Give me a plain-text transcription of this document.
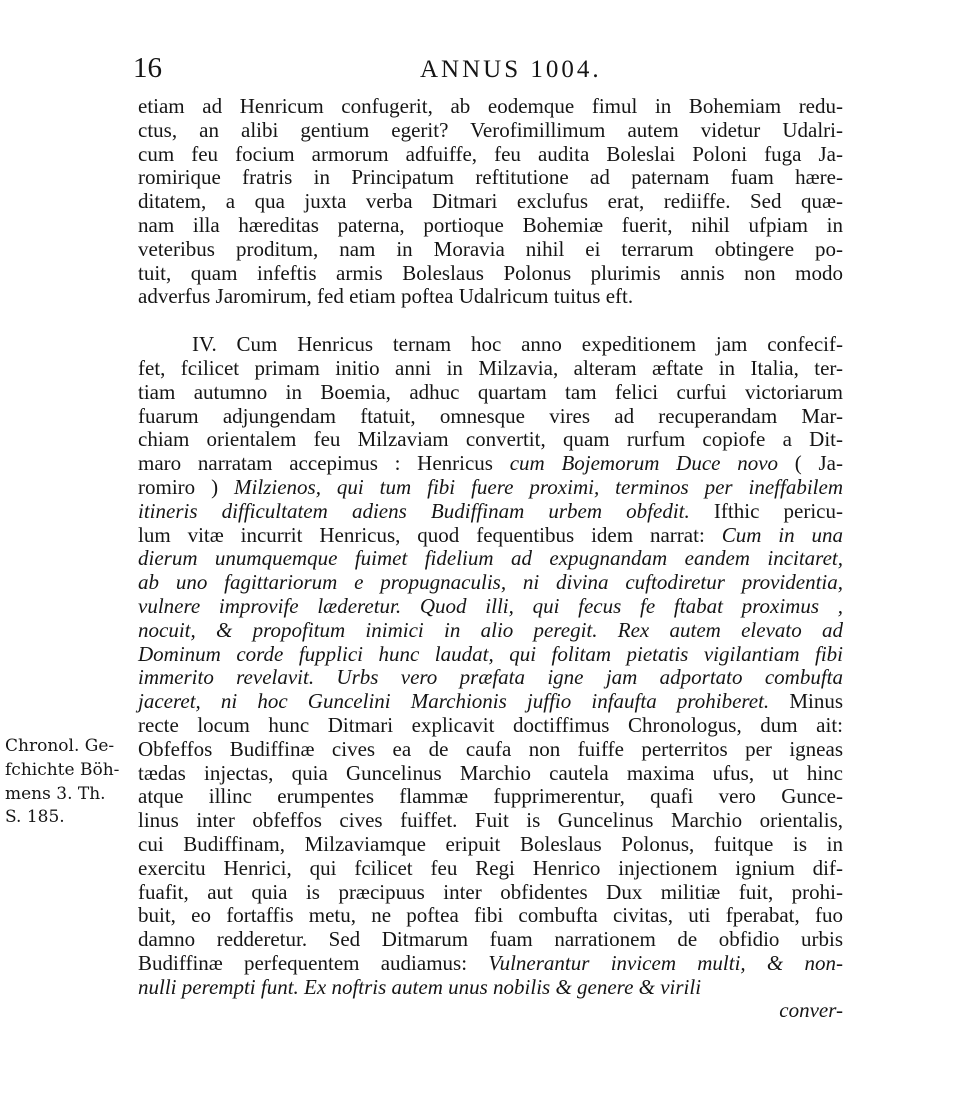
16	ANNUS 1004.
etiam ad Henricum confugerit, ab eodemque fimul in Bohemiam redu-
ctus, an alibi gentium egerit? Verofimillimum autem videtur Udalri-
cum feu focium armorum adfuiffe, feu audita Boleslai Poloni fuga Ja-
romirique fratris in Principatum reftitutione ad paternam fuam hære-
ditatem, a qua juxta verba Ditmari exclufus erat, rediiffe. Sed quæ-
nam illa hæreditas paterna, portioque Bohemiæ fuerit, nihil ufpiam in
veteribus proditum, nam in Moravia nihil ei terrarum obtingere po-
tuit, quam infeftis armis Boleslaus Polonus plurimis annis non modo
adverfus Jaromirum, fed etiam poftea Udalricum tuitus eft.
IV. Cum Henricus ternam hoc anno expeditionem jam confecif-
fet, fcilicet primam initio anni in Milzavia, alteram æftate in Italia, ter-
tiam autumno in Boemia, adhuc quartam tam felici curfui victoriarum
fuarum adjungendam ftatuit, omnesque vires ad recuperandam Mar-
chiam orientalem feu Milzaviam convertit, quam rurfum copiofe a Dit-
maro narratam accepimus : Henricus cum Bojemorum Duce novo ( Ja-
romiro ) Milzienos, qui tum fibi fuere proximi, terminos per ineffabilem
itineris difficultatem adiens Budiffinam urbem obfedit. Ifthic pericu-
lum vitæ incurrit Henricus, quod fequentibus idem narrat: Cum in una
dierum unumquemque fuimet fidelium ad expugnandam eandem incitaret,
ab uno fagittariorum e propugnaculis, ni divina cuftodiretur providentia,
vulnere improvife læderetur. Quod illi, qui fecus fe ftabat proximus ,
nocuit, & propofitum inimici in alio peregit. Rex autem elevato ad
Dominum corde fupplici hunc laudat, qui folitam pietatis vigilantiam fibi
immerito revelavit. Urbs vero præfata igne jam adportato combufta
jaceret, ni hoc Guncelini Marchionis juffio infaufta prohiberet. Minus
recte locum hunc Ditmari explicavit doctiffimus Chronologus, dum ait:
Obfeffos Budiffinæ cives ea de caufa non fuiffe perterritos per igneas
tædas injectas, quia Guncelinus Marchio cautela maxima ufus, ut hinc
atque illinc erumpentes flammæ fupprimerentur, quafi vero Gunce-
linus inter obfeffos cives fuiffet. Fuit is Guncelinus Marchio orientalis,
cui Budiffinam, Milzaviamque eripuit Boleslaus Polonus, fuitque is in
exercitu Henrici, qui fcilicet feu Regi Henrico injectionem ignium dif-
fuafit, aut quia is præcipuus inter obfidentes Dux militiæ fuit, prohi-
buit, eo fortaffis metu, ne poftea fibi combufta civitas, uti fperabat, fuo
damno redderetur. Sed Ditmarum fuam narrationem de obfidio urbis
Budiffinæ perfequentem audiamus: Vulnerantur invicem multi, & non-
nulli perempti funt. Ex noftris autem unus nobilis & genere & virili
conver-
Chronol. Ge-
fchichte Böh-
mens 3. Th.
S. 185.
